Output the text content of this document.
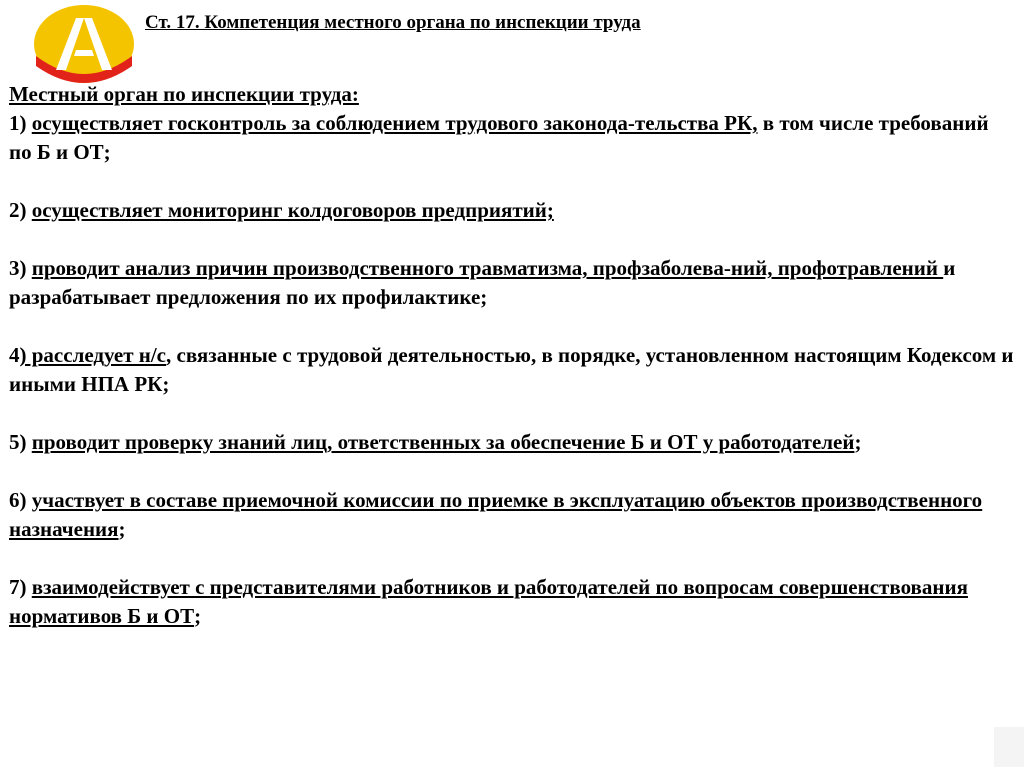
Ст. 17. Компетенция местного органа по инспекции труда

Местный орган по инспекции труда:

1) осуществляет госконтроль за соблюдением трудового законода-тельства РК, в том числе требований по Б и ОТ;

2) осуществляет мониторинг колдоговоров предприятий;

3) проводит анализ причин производственного травматизма, профзаболева-ний, профотравлений и разрабатывает предложения по их профилактике;

4) расследует н/с, связанные с трудовой деятельностью, в порядке, установленном настоящим Кодексом и иными НПА РК;

5) проводит проверку знаний лиц, ответственных за обеспечение Б и ОТ у работодателей;

6) участвует в составе приемочной комиссии по приемке в эксплуатацию объектов производственного назначения;

7) взаимодействует с представителями работников и работодателей по вопросам совершенствования нормативов Б и ОТ;
